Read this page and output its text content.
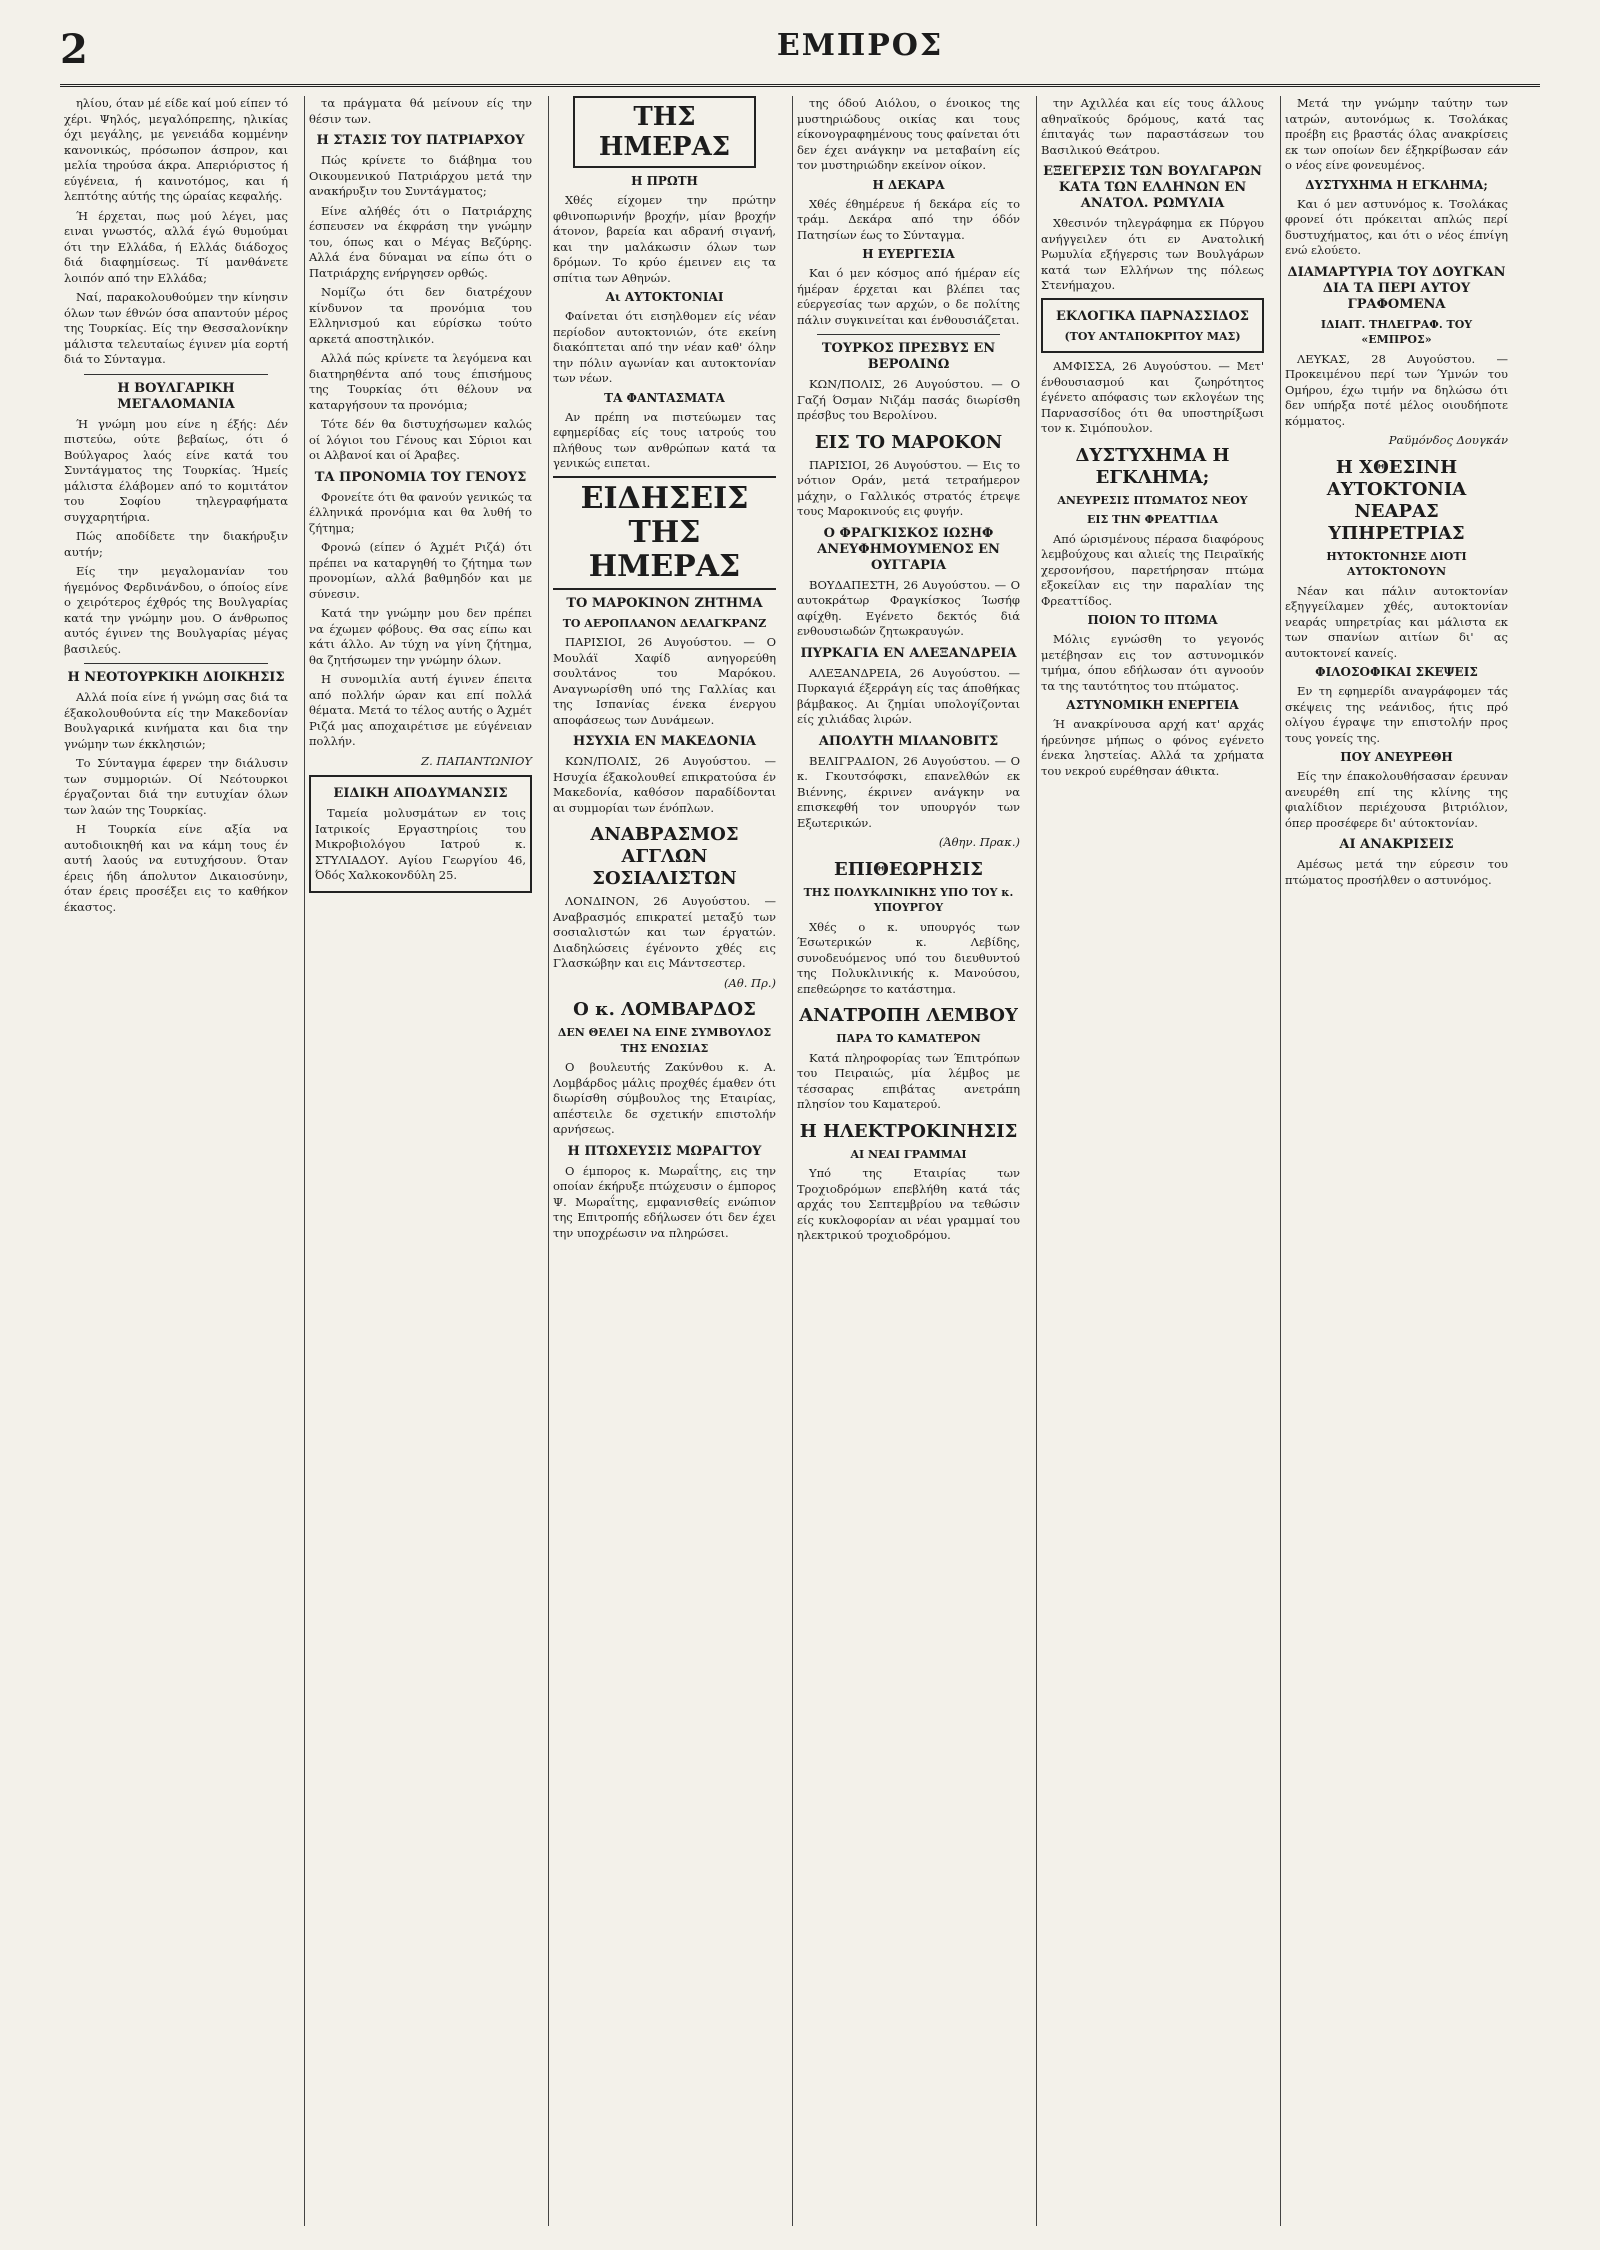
2	ΕΜΠΡΟΣ

ηλίου, όταν μέ είδε καί μού είπεν τό χέρι. Ψηλός, μεγαλόπρεπης, ηλικίας όχι μεγάλης, με γενειάδα κομμένην κανονικώς, πρόσωπον άσπρον, και μελία τηρούσα άκρα. Απεριόριστος ή εύγένεια, ή καινοτόμος, και ή λεπτότης αύτής της ώραίας κεφαλής.

Ή έρχεται, πως μού λέγει, μας ειναι γνωστός, αλλά έγώ θυμούμαι ότι την Ελλάδα, ή Ελλάς διάδοχος διά διαφημίσεως. Τί μανθάνετε λοιπόν από την Ελλάδα;

Ναί, παρακολουθούμεν την κίνησιν όλων των έθνών όσα απαντούν μέρος της Τουρκίας. Είς την Θεσσαλονίκην μάλιστα τελευταίως έγινεν μία εορτή διά το Σύνταγμα.

Η ΒΟΥΛΓΑΡΙΚΗ ΜΕΓΑΛΟΜΑΝΙΑ

Ή γνώμη μου είνε η έξής: Δέν πιστεύω, ούτε βεβαίως, ότι ό Βούλγαρος λαός είνε κατά του Συντάγματος της Τουρκίας. Ήμείς μάλιστα έλάβομεν από το κομιτάτον του Σοφίου τηλεγραφήματα συγχαρητήρια.

Πώς αποδίδετε την διακήρυξιν αυτήν;

Είς την μεγαλομανίαν του ήγεμόνος Φερδινάνδου, ο όποίος είνε ο χειρότερος έχθρός της Βουλγαρίας κατά την γνώμην μου. Ο άνθρωπος αυτός έγινεν της Βουλγαρίας μέγας βασιλεύς.

Η ΝΕΟΤΟΥΡΚΙΚΗ ΔΙΟΙΚΗΣΙΣ

Αλλά ποία είνε ή γνώμη σας διά τα έξακολουθούντα είς την Μακεδονίαν Βουλγαρικά κινήματα και δια την γνώμην των έκκλησιών;

Το Σύνταγμα έφερεν την διάλυσιν των συμμοριών. Οί Νεότουρκοι έργαζονται διά την ευτυχίαν όλων των λαών της Τουρκίας.

Η Τουρκία είνε αξία να αυτοδιοικηθή και να κάμη τους έν αυτή λαούς να ευτυχήσουν. Όταν έρεις ήδη άπολυτον Δικαιοσύνην, όταν έρεις προσέξει εις το καθήκον έκαστος.

τα πράγματα θά μείνουν είς την θέσιν των.

Η ΣΤΑΣΙΣ ΤΟΥ ΠΑΤΡΙΑΡΧΟΥ

Πώς κρίνετε το διάβημα του Οικουμενικού Πατριάρχου μετά την ανακήρυξιν του Συντάγματος;

Είνε αλήθές ότι ο Πατριάρχης έσπευσεν να έκφράση την γνώμην του, όπως και ο Μέγας Βεζύρης. Αλλά ένα δύναμαι να είπω ότι ο Πατριάρχης ενήργησεν ορθώς.

Νομίζω ότι δεν διατρέχουν κίνδυνον τα προνόμια του Ελληνισμού και εύρίσκω τούτο αρκετά αποστηλικόν.

Αλλά πώς κρίνετε τα λεγόμενα και διατηρηθέντα από τους έπισήμους της Τουρκίας ότι θέλουν να καταργήσουν τα προνόμια;

Τότε δέν θα διστυχήσωμεν καλώς οί λόγιοι του Γένους και Σύριοι και οι Αλβανοί και οί Άραβες.

ΤΑ ΠΡΟΝΟΜΙΑ ΤΟΥ ΓΕΝΟΥΣ

Φρονείτε ότι θα φανούν γενικώς τα έλληνικά προνόμια και θα λυθή το ζήτημα;

Φρονώ (είπεν ό Άχμέτ Ριζά) ότι πρέπει να καταργηθή το ζήτημα των προνομίων, αλλά βαθμηδόν και με σύνεσιν.

Κατά την γνώμην μου δεν πρέπει να έχωμεν φόβους. Θα σας είπω και κάτι άλλο. Αν τύχη να γίνη ζήτημα, θα ζητήσωμεν την γνώμην όλων.

Η συνομιλία αυτή έγινεν έπειτα από πολλήν ώραν και επί πολλά θέματα. Μετά το τέλος αυτής ο Άχμέτ Ριζά μας αποχαιρέτισε με εύγένειαν πολλήν.

Ζ. ΠΑΠΑΝΤΩΝΙΟΥ
ΕΙΔΙΚΗ ΑΠΟΔΥΜΑΝΣΙΣ

Ταμεία μολυσμάτων εν τοις Ιατρικοίς Εργαστηρίοις του Μικροβιολόγου Ιατρού κ. ΣΤΥΛΙΑΔΟΥ. Αγίου Γεωργίου 46, Όδός Χαλκοκονδύλη 25.

ΤΗΣ ΗΜΕΡΑΣ
Η ΠΡΩΤΗ

Χθές είχομεν την πρώτην φθινοπωρινήν βροχήν, μίαν βροχήν άτονον, βαρεία και αδρανή σιγανή, και την μαλάκωσιν όλων των δρόμων. Το κρύο έμεινεν εις τα σπίτια των Αθηνών.

Αι ΑΥΤΟΚΤΟΝΙΑΙ

Φαίνεται ότι εισηλθομεν είς νέαν περίοδον αυτοκτονιών, ότε εκείνη διακόπτεται από την νέαν καθ' όλην την πόλιν αγωνίαν και αυτοκτονίαν των νέων.

ΤΑ ΦΑΝΤΑΣΜΑΤΑ

Αν πρέπη να πιστεύωμεν τας εφημερίδας είς τους ιατρούς του πλήθους των ανθρώπων κατά τα γενικώς ειπεται.

ΕΙΔΗΣΕΙΣ ΤΗΣ ΗΜΕΡΑΣ
ΤΟ ΜΑΡΟΚΙΝΟΝ ΖΗΤΗΜΑ
ΤΟ ΑΕΡΟΠΛΑΝΟΝ ΔΕΛΑΓΚΡΑΝΖ

ΠΑΡΙΣΙΟΙ, 26 Αυγούστου. — Ο Μουλάϊ Χαφίδ ανηγορεύθη σουλτάνος του Μαρόκου. Αναγνωρίσθη υπό της Γαλλίας και της Ισπανίας ένεκα ένεργου αποφάσεως των Δυνάμεων.

ΗΣΥΧΙΑ ΕΝ ΜΑΚΕΔΟΝΙΑ

ΚΩΝ/ΠΟΛΙΣ, 26 Αυγούστου. — Ησυχία έξακολουθεί επικρατούσα έν Μακεδονία, καθόσον παραδίδονται αι συμμορίαι των ένόπλων.

ΑΝΑΒΡΑΣΜΟΣ ΑΓΓΛΩΝ ΣΟΣΙΑΛΙΣΤΩΝ

ΛΟΝΔΙΝΟΝ, 26 Αυγούστου. — Αναβρασμός επικρατεί μεταξύ των σοσιαλιστών και των έργατών. Διαδηλώσεις έγένοντο χθές εις Γλασκώβην και εις Μάντσεστερ.

(Αθ. Πρ.)
Ο κ. ΛΟΜΒΑΡΔΟΣ
ΔΕΝ ΘΕΛΕΙ ΝΑ ΕΙΝΕ ΣΥΜΒΟΥΛΟΣ ΤΗΣ ΕΝΩΣΙΑΣ

Ο βουλευτής Ζακύνθου κ. Α. Λομβάρδος μάλις προχθές έμαθεν ότι διωρίσθη σύμβουλος της Εταιρίας, απέστειλε δε σχετικήν επιστολήν αρνήσεως.

Η ΠΤΩΧΕΥΣΙΣ ΜΩΡΑΓΤΟΥ

Ο έμπορος κ. Μωραΐτης, εις την οποίαν έκήρυξε πτώχευσιν ο έμπορος Ψ. Μωραΐτης, εμφανισθείς ενώπιον της Επιτροπής εδήλωσεν ότι δεν έχει την υποχρέωσιν να πληρώσει.

της όδού Αιόλου, ο ένοικος της μυστηριώδους οικίας και τους είκονογραφημένους τους φαίνεται ότι δεν έχει ανάγκην να μεταβαίνη είς τον μυστηριώδην εκείνον οίκον.

Η ΔΕΚΑΡΑ

Χθές έθημέρευε ή δεκάρα είς το τράμ. Δεκάρα από την όδόν Πατησίων έως το Σύνταγμα.

Η ΕΥΕΡΓΕΣΙΑ

Και ό μεν κόσμος από ήμέραν είς ήμέραν έρχεται και βλέπει τας εύεργεσίας των αρχών, ο δε πολίτης πάλιν συγκινείται και ένθουσιάζεται.

ΤΟΥΡΚΟΣ ΠΡΕΣΒΥΣ ΕΝ ΒΕΡΟΛΙΝΩ

ΚΩΝ/ΠΟΛΙΣ, 26 Αυγούστου. — Ο Γαζή Όσμαν Νιζάμ πασάς διωρίσθη πρέσβυς του Βερολίνου.

ΕΙΣ ΤΟ ΜΑΡΟΚΟΝ

ΠΑΡΙΣΙΟΙ, 26 Αυγούστου. — Εις το νότιον Οράν, μετά τετραήμερον μάχην, ο Γαλλικός στρατός έτρεψε τους Μαροκινούς εις φυγήν.

Ο ΦΡΑΓΚΙΣΚΟΣ ΙΩΣΗΦ ΑΝΕΥΦΗΜΟΥΜΕΝΟΣ ΕΝ ΟΥΓΓΑΡΙΑ

ΒΟΥΔΑΠΕΣΤΗ, 26 Αυγούστου. — Ο αυτοκράτωρ Φραγκίσκος Ίωσήφ αφίχθη. Εγένετο δεκτός διά ενθουσιωδών ζητωκραυγών.

ΠΥΡΚΑΓΙΑ ΕΝ ΑΛΕΞΑΝΔΡΕΙΑ

ΑΛΕΞΑΝΔΡΕΙΑ, 26 Αυγούστου. — Πυρκαγιά έξερράγη είς τας άποθήκας βάμβακος. Αι ζημίαι υπολογίζονται είς χιλιάδας λιρών.

ΑΠΟΛΥΤΗ ΜΙΛΑΝΟΒΙΤΣ

ΒΕΛΙΓΡΑΔΙΟΝ, 26 Αυγούστου. — Ο κ. Γκουτσόφσκι, επανελθών εκ Βιέννης, έκρινεν ανάγκην να επισκεφθή τον υπουργόν των Εξωτερικών.

(Άθην. Πρακ.)
ΕΠΙΘΕΩΡΗΣΙΣ
ΤΗΣ ΠΟΛΥΚΛΙΝΙΚΗΣ ΥΠΟ ΤΟΥ κ. ΥΠΟΥΡΓΟΥ

Χθές ο κ. υπουργός των Έσωτερικών κ. Λεβίδης, συνοδευόμενος υπό του διευθυντού της Πολυκλινικής κ. Μανούσου, επεθεώρησε το κατάστημα.

ΑΝΑΤΡΟΠΗ ΛΕΜΒΟΥ
ΠΑΡΑ ΤΟ ΚΑΜΑΤΕΡΟΝ

Κατά πληροφορίας των Έπιτρόπων του Πειραιώς, μία λέμβος με τέσσαρας επιβάτας ανετράπη πλησίον του Καματερού.

Η ΗΛΕΚΤΡΟΚΙΝΗΣΙΣ
ΑΙ ΝΕΑΙ ΓΡΑΜΜΑΙ

Υπό της Εταιρίας των Τροχιοδρόμων επεβλήθη κατά τάς αρχάς του Σεπτεμβρίου να τεθώσιν είς κυκλοφορίαν αι νέαι γραμμαί του ηλεκτρικού τροχιοδρόμου.

την Αχιλλέα και είς τους άλλους αθηναϊκούς δρόμους, κατά τας έπιταγάς των παραστάσεων του Βασιλικού Θεάτρου.

ΕΞΕΓΕΡΣΙΣ ΤΩΝ ΒΟΥΛΓΑΡΩΝ ΚΑΤΑ ΤΩΝ ΕΛΛΗΝΩΝ ΕΝ ΑΝΑΤΟΛ. ΡΩΜΥΛΙΑ

Χθεσινόν τηλεγράφημα εκ Πύργου ανήγγειλεν ότι εν Ανατολική Ρωμυλία εξήγερσις των Βουλγάρων κατά των Ελλήνων της πόλεως Στενήμαχου.

ΕΚΛΟΓΙΚΑ ΠΑΡΝΑΣΣΙΔΟΣ
(ΤΟΥ ΑΝΤΑΠΟΚΡΙΤΟΥ ΜΑΣ)

ΑΜΦΙΣΣΑ, 26 Αυγούστου. — Μετ' ένθουσιασμού και ζωηρότητος έγένετο απόφασις των εκλογέων της Παρνασσίδος ότι θα υποστηρίξωσι τον κ. Σιμόπουλον.

ΔΥΣΤΥΧΗΜΑ Η ΕΓΚΛΗΜΑ;
ΑΝΕΥΡΕΣΙΣ ΠΤΩΜΑΤΟΣ ΝΕΟΥ
ΕΙΣ ΤΗΝ ΦΡΕΑΤΤΙΔΑ

Από ώρισμένους πέρασα διαφόρους λεμβούχους και αλιείς της Πειραϊκής χερσονήσου, παρετήρησαν πτώμα εξοκείλαν εις την παραλίαν της Φρεαττίδος.

ΠΟΙΟΝ ΤΟ ΠΤΩΜΑ

Μόλις εγνώσθη το γεγονός μετέβησαν εις τον αστυνομικόν τμήμα, όπου εδήλωσαν ότι αγνοούν τα της ταυτότητος του πτώματος.

ΑΣΤΥΝΟΜΙΚΗ ΕΝΕΡΓΕΙΑ

Ή ανακρίνουσα αρχή κατ' αρχάς ήρεύνησε μήπως ο φόνος εγένετο ένεκα ληστείας. Αλλά τα χρήματα του νεκρού ευρέθησαν άθικτα.

Μετά την γνώμην ταύτην των ιατρών, αυτονόμως κ. Τσολάκας προέβη εις βραστάς όλας ανακρίσεις εκ των οποίων δεν έξηκρίβωσαν εάν ο νέος είνε φονευμένος.

ΔΥΣΤΥΧΗΜΑ Η ΕΓΚΛΗΜΑ;

Και ό μεν αστυνόμος κ. Τσολάκας φρονεί ότι πρόκειται απλώς περί δυστυχήματος, και ότι ο νέος έπνίγη ενώ ελούετο.

ΔΙΑΜΑΡΤΥΡΙΑ ΤΟΥ ΔΟΥΓΚΑΝ ΔΙΑ ΤΑ ΠΕΡΙ ΑΥΤΟΥ ΓΡΑΦΟΜΕΝΑ
ΙΔΙΑΙΤ. ΤΗΛΕΓΡΑΦ. ΤΟΥ «ΕΜΠΡΟΣ»

ΛΕΥΚΑΣ, 28 Αυγούστου. — Προκειμένου περί των Ύμνών του Ομήρου, έχω τιμήν να δηλώσω ότι δεν υπήρξα ποτέ μέλος οιουδήποτε κόμματος.

Ραϋμόνδος Δουγκάν
Η ΧΘΕΣΙΝΗ ΑΥΤΟΚΤΟΝΙΑ ΝΕΑΡΑΣ ΥΠΗΡΕΤΡΙΑΣ
ΗΥΤΟΚΤΟΝΗΣΕ ΔΙΟΤΙ ΑΥΤΟΚΤΟΝΟΥΝ

Νέαν και πάλιν αυτοκτονίαν εξηγγείλαμεν χθές, αυτοκτονίαν νεαράς υπηρετρίας και μάλιστα εκ των σπανίων αιτίων δι' ας αυτοκτονεί κανείς.

ΦΙΛΟΣΟΦΙΚΑΙ ΣΚΕΨΕΙΣ

Εν τη εφημερίδι αναγράφομεν τάς σκέψεις της νεάνιδος, ήτις πρό ολίγου έγραψε την επιστολήν προς τους γονείς της.

ΠΟΥ ΑΝΕΥΡΕΘΗ

Είς την έπακολουθήσασαν έρευναν ανευρέθη επί της κλίνης της φιαλίδιον περιέχουσα βιτριόλιον, όπερ προσέφερε δι' αύτοκτονίαν.

ΑΙ ΑΝΑΚΡΙΣΕΙΣ

Αμέσως μετά την εύρεσιν του πτώματος προσήλθεν ο αστυνόμος.
